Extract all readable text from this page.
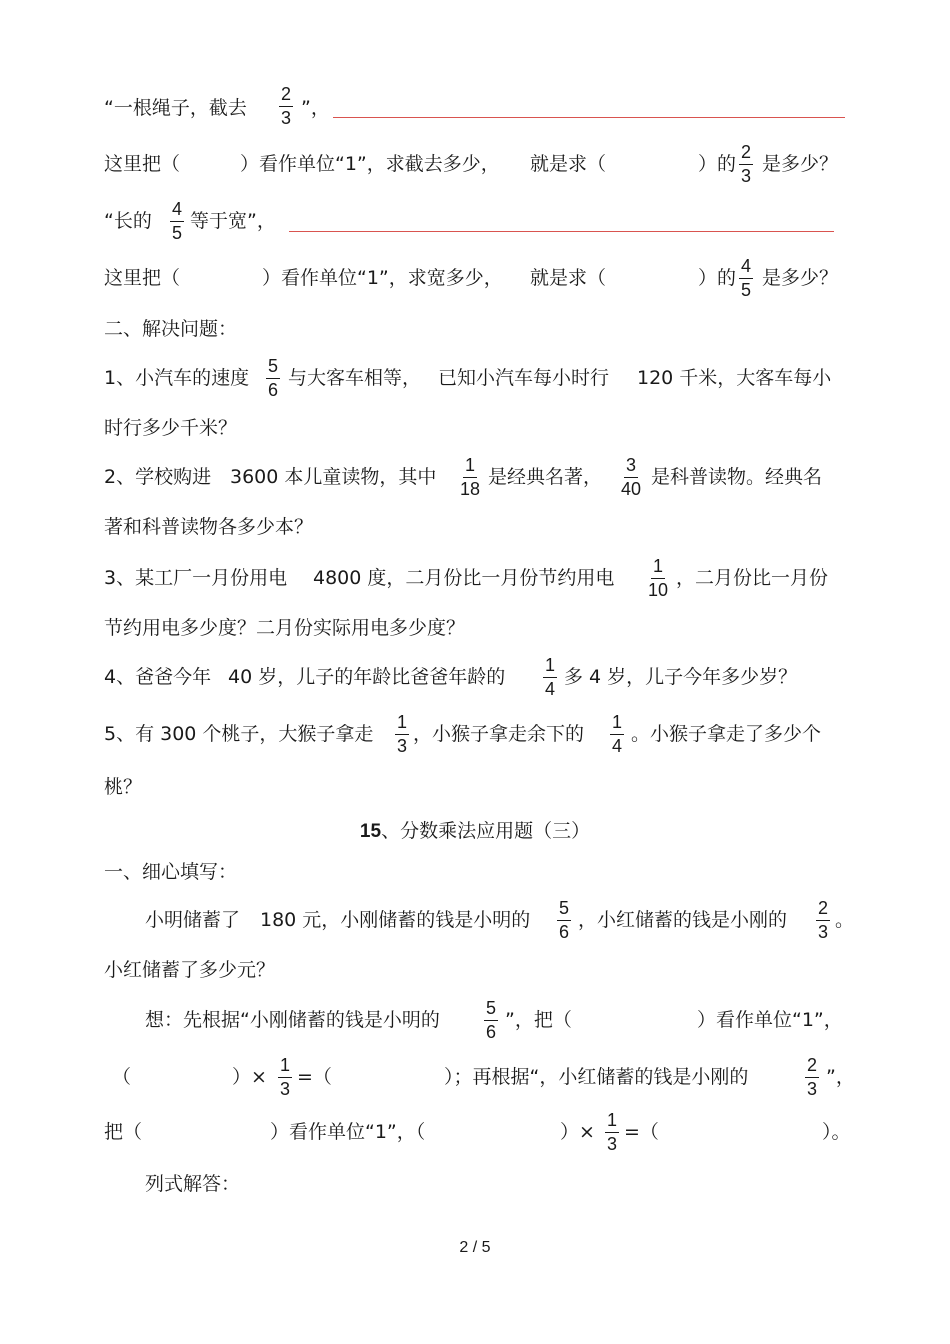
“一根绳子，截去 $\frac{2}{3}$ ”，
这里把（	）看作单位“1”，求截去多少， 就是求（	）的 $\frac{2}{3}$ 是多少？
“长的 $\frac{4}{5}$ 等于宽”，
这里把（	）看作单位“1”，求宽多少， 就是求（	）的 $\frac{4}{5}$ 是多少？
二、解决问题：
1、小汽车的速度 $\frac{5}{6}$ 与大客车相等， 已知小汽车每小时行 120 千米，大客车每小
时行多少千米？
2、学校购进 3600 本儿童读物，其中 $\frac{1}{18}$ 是经典名著， $\frac{3}{40}$ 是科普读物。经典名
著和科普读物各多少本？
3、某工厂一月份用电 4800 度，二月份比一月份节约用电 $\frac{1}{10}$ ，二月份比一月份
节约用电多少度？二月份实际用电多少度？
4、爸爸今年 40 岁，儿子的年龄比爸爸年龄的 $\frac{1}{4}$ 多 4 岁，儿子今年多少岁？
5、有 300 个桃子，大猴子拿走 $\frac{1}{3}$ ，小猴子拿走余下的 $\frac{1}{4}$ 。小猴子拿走了多少个
桃？
15、分数乘法应用题（三）
一、细心填写：
小明储蓄了 180 元，小刚储蓄的钱是小明的 $\frac{5}{6}$ ，小红储蓄的钱是小刚的 $\frac{2}{3}$ 。
小红储蓄了多少元？
想：先根据“小刚储蓄的钱是小明的 $\frac{5}{6}$ ”，把（	）看作单位“1”，
（	）× $\frac{1}{3}$ =（	）；再根据“，小红储蓄的钱是小刚的	$\frac{2}{3}$ ”，
把（	）看作单位“1”，（	）× $\frac{1}{3}$ =（	）。
列式解答：
2 / 5
